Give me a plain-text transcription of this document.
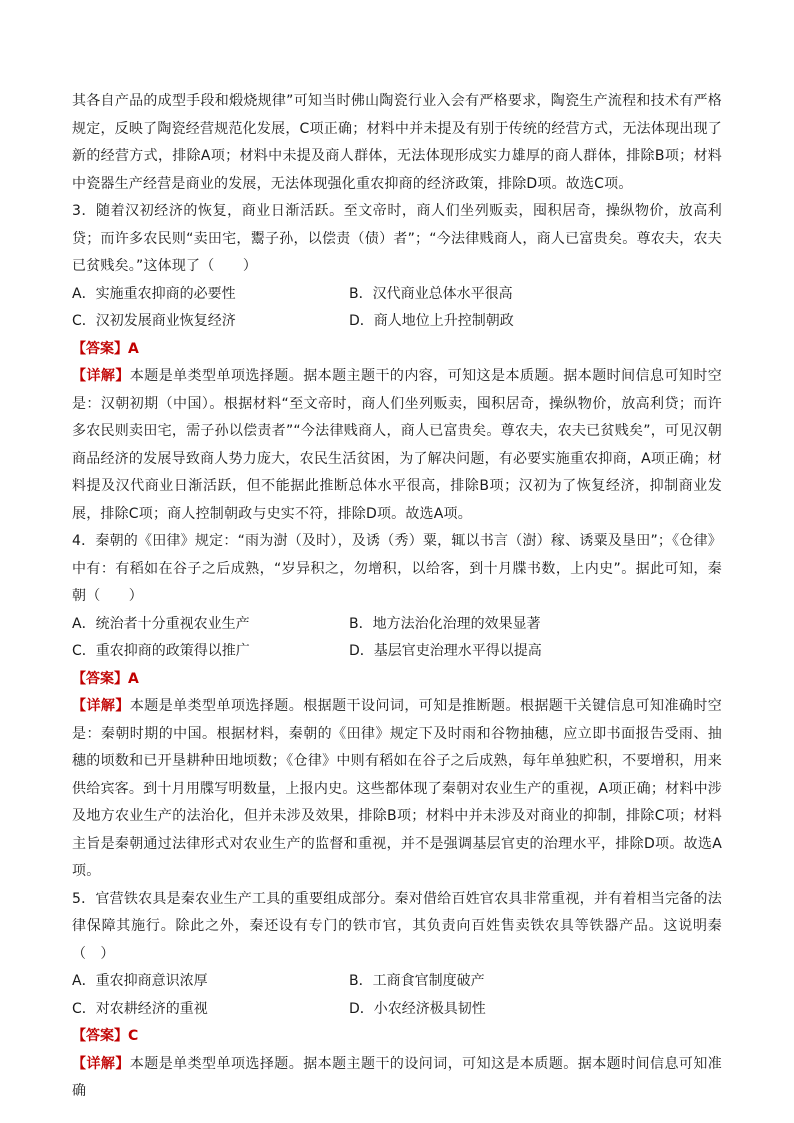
其各自产品的成型手段和煅烧规律”可知当时佛山陶瓷行业入会有严格要求，陶瓷生产流程和技术有严格规定，反映了陶瓷经营规范化发展，C项正确；材料中并未提及有别于传统的经营方式，无法体现出现了新的经营方式，排除A项；材料中未提及商人群体，无法体现形成实力雄厚的商人群体，排除B项；材料中瓷器生产经营是商业的发展，无法体现强化重农抑商的经济政策，排除D项。故选C项。

3．随着汉初经济的恢复，商业日渐活跃。至文帝时，商人们坐列贩卖，囤积居奇，操纵物价，放高利贷；而许多农民则“卖田宅，鬻子孙，以偿责（债）者”；“今法律贱商人，商人已富贵矣。尊农夫，农夫已贫贱矣。”这体现了（　　）

A．实施重农抑商的必要性	B．汉代商业总体水平很高
C．汉初发展商业恢复经济	D．商人地位上升控制朝政
【答案】A

【详解】本题是单类型单项选择题。据本题主题干的内容，可知这是本质题。据本题时间信息可知时空是：汉朝初期（中国）。根据材料“至文帝时，商人们坐列贩卖，囤积居奇，操纵物价，放高利贷；而许多农民则卖田宅，需子孙以偿责者”“今法律贱商人，商人已富贵矣。尊农夫，农夫已贫贱矣”，可见汉朝商品经济的发展导致商人势力庞大，农民生活贫困，为了解决问题，有必要实施重农抑商，A项正确；材料提及汉代商业日渐活跃，但不能据此推断总体水平很高，排除B项；汉初为了恢复经济，抑制商业发展，排除C项；商人控制朝政与史实不符，排除D项。故选A项。

4．秦朝的《田律》规定：“雨为澍（及时），及诱（秀）粟，辄以书言（澍）稼、诱粟及垦田”；《仓律》中有：有稻如在谷子之后成熟，“岁异积之，勿增积，以给客，到十月牒书数，上内史”。据此可知，秦朝（　　）

A．统治者十分重视农业生产	B．地方法治化治理的效果显著
C．重农抑商的政策得以推广	D．基层官吏治理水平得以提高
【答案】A

【详解】本题是单类型单项选择题。根据题干设问词，可知是推断题。根据题干关键信息可知准确时空是：秦朝时期的中国。根据材料，秦朝的《田律》规定下及时雨和谷物抽穗，应立即书面报告受雨、抽穗的顷数和已开垦耕种田地顷数；《仓律》中则有稻如在谷子之后成熟，每年单独贮积，不要增积，用来供给宾客。到十月用牒写明数量，上报内史。这些都体现了秦朝对农业生产的重视，A项正确；材料中涉及地方农业生产的法治化，但并未涉及效果，排除B项；材料中并未涉及对商业的抑制，排除C项；材料主旨是秦朝通过法律形式对农业生产的监督和重视，并不是强调基层官吏的治理水平，排除D项。故选A项。

5．官营铁农具是秦农业生产工具的重要组成部分。秦对借给百姓官农具非常重视，并有着相当完备的法律保障其施行。除此之外，秦还设有专门的铁市官，其负责向百姓售卖铁农具等铁器产品。这说明秦（　）

A．重农抑商意识浓厚	B．工商食官制度破产
C．对农耕经济的重视	D．小农经济极具韧性
【答案】C

【详解】本题是单类型单项选择题。据本题主题干的设问词，可知这是本质题。据本题时间信息可知准确
